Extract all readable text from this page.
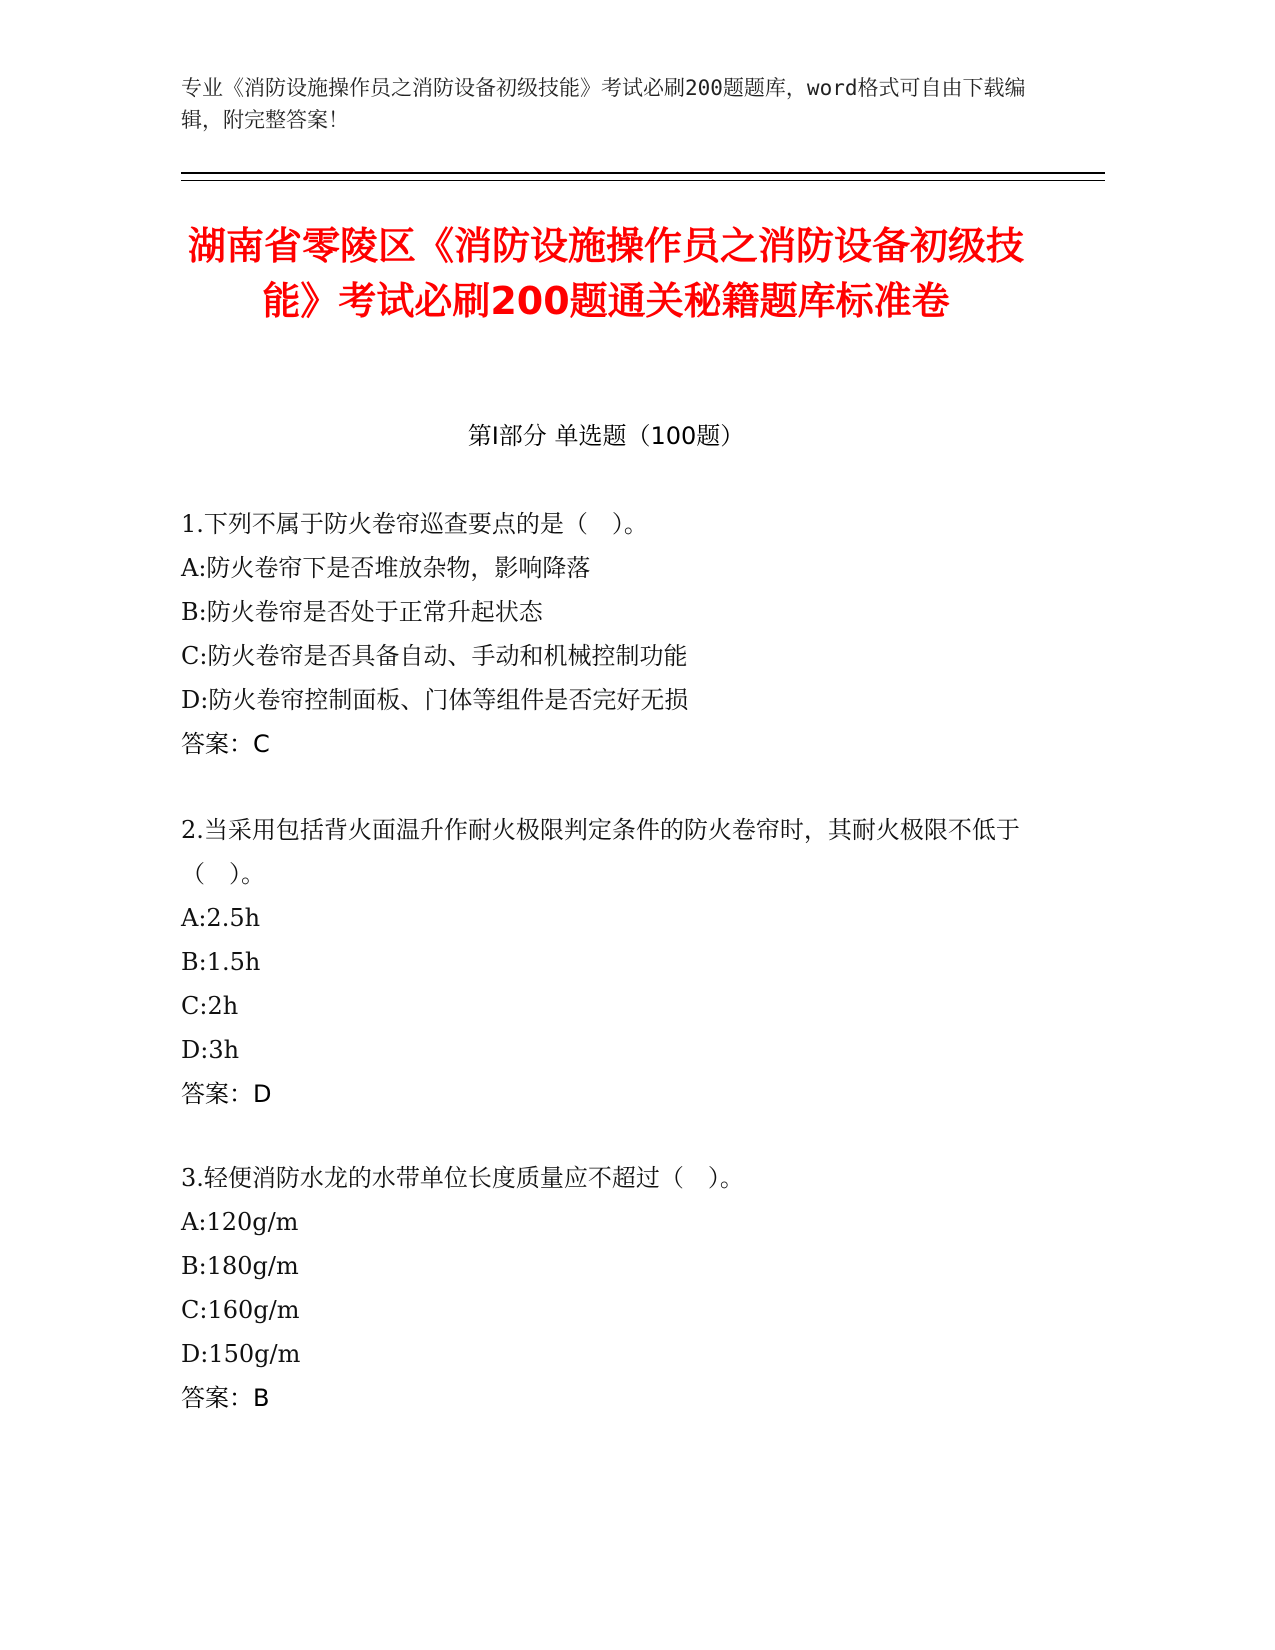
专业《消防设施操作员之消防设备初级技能》考试必刷200题题库，word格式可自由下载编辑，附完整答案！
湖南省零陵区《消防设施操作员之消防设备初级技能》考试必刷200题通关秘籍题库标准卷
第Ⅰ部分 单选题（100题）
1.下列不属于防火卷帘巡查要点的是（　）。
A:防火卷帘下是否堆放杂物，影响降落
B:防火卷帘是否处于正常升起状态
C:防火卷帘是否具备自动、手动和机械控制功能
D:防火卷帘控制面板、门体等组件是否完好无损
答案：C
2.当采用包括背火面温升作耐火极限判定条件的防火卷帘时，其耐火极限不低于（　）。
A:2.5h
B:1.5h
C:2h
D:3h
答案：D
3.轻便消防水龙的水带单位长度质量应不超过（　）。
A:120g/m
B:180g/m
C:160g/m
D:150g/m
答案：B
